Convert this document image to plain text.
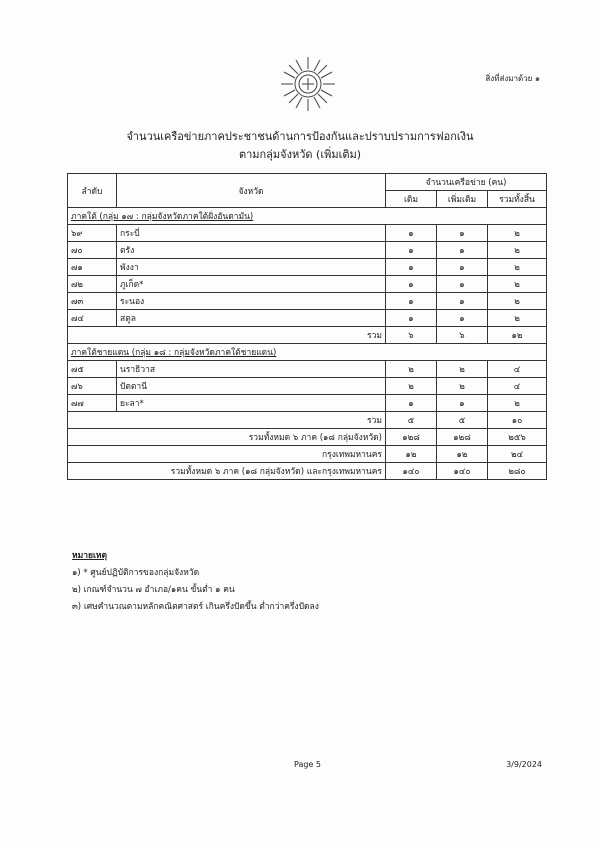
สิ่งที่ส่งมาด้วย ๑
จำนวนเครือข่ายภาคประชาชนด้านการป้องกันและปราบปรามการฟอกเงิน
ตามกลุ่มจังหวัด (เพิ่มเติม)
ลำดับ	จังหวัด	จำนวนเครือข่าย (คน)		
		เดิม	เพิ่มเติม	รวมทั้งสิ้น
ภาคใต้ (กลุ่ม ๑๗ : กลุ่มจังหวัดภาคใต้ฝั่งอันดามัน)				
๖๙	กระบี่	๑	๑	๒
๗๐	ตรัง	๑	๑	๒
๗๑	พังงา	๑	๑	๒
๗๒	ภูเก็ต*	๑	๑	๒
๗๓	ระนอง	๑	๑	๒
๗๔	สตูล	๑	๑	๒
รวม		๖	๖	๑๒
ภาคใต้ชายแดน (กลุ่ม ๑๘ : กลุ่มจังหวัดภาคใต้ชายแดน)				
๗๕	นราธิวาส	๒	๒	๔
๗๖	ปัตตานี	๒	๒	๔
๗๗	ยะลา*	๑	๑	๒
รวม		๕	๕	๑๐
รวมทั้งหมด ๖ ภาค (๑๘ กลุ่มจังหวัด)		๑๒๘	๑๒๘	๒๕๖
กรุงเทพมหานคร		๑๒	๑๒	๒๔
รวมทั้งหมด ๖ ภาค (๑๘ กลุ่มจังหวัด) และกรุงเทพมหานคร		๑๔๐	๑๔๐	๒๘๐
หมายเหตุ
๑) * ศูนย์ปฏิบัติการของกลุ่มจังหวัด
๒) เกณฑ์จำนวน ๗ อำเภอ/๑คน ขั้นต่ำ ๑ คน
๓) เศษคำนวณตามหลักคณิตศาสตร์ เกินครึ่งปัดขึ้น ต่ำกว่าครึ่งปัดลง
Page 5	3/9/2024
